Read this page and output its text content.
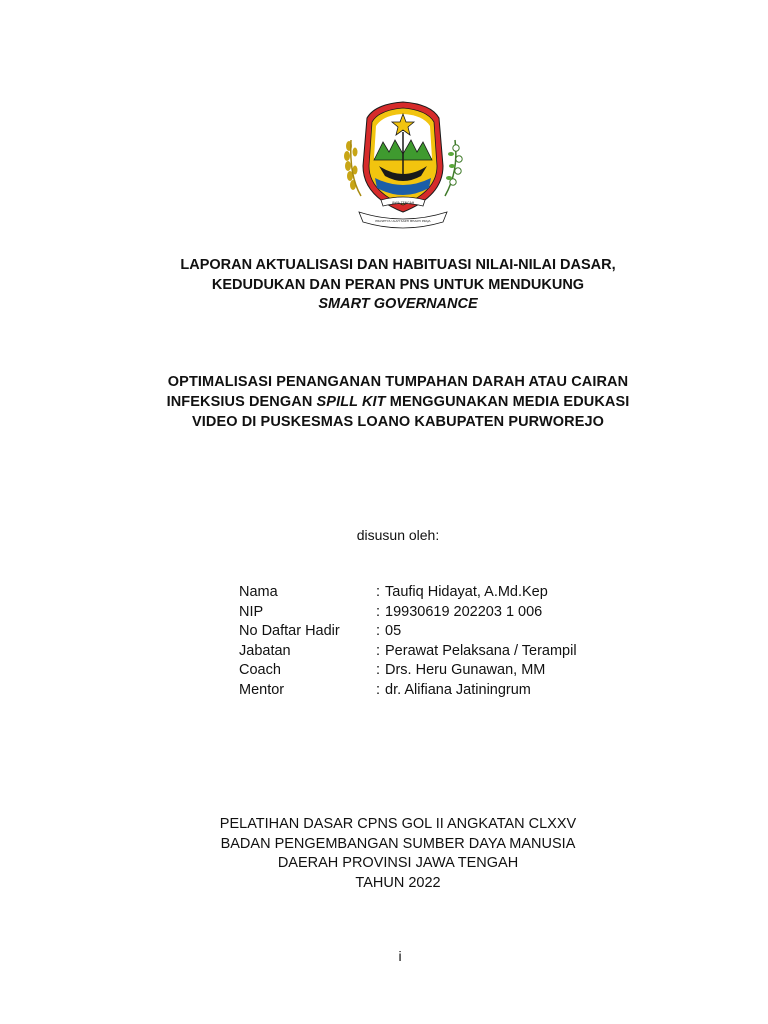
JAWA TENGAH
PRASETYA ULAH SAKTI BHAKTI PRAJA
LAPORAN AKTUALISASI DAN HABITUASI NILAI-NILAI DASAR,
KEDUDUKAN DAN PERAN PNS UNTUK MENDUKUNG
SMART GOVERNANCE
OPTIMALISASI PENANGANAN TUMPAHAN DARAH ATAU CAIRAN
INFEKSIUS DENGAN SPILL KIT MENGGUNAKAN MEDIA EDUKASI
VIDEO DI PUSKESMAS LOANO KABUPATEN PURWOREJO
disusun oleh:
Nama	:	Taufiq Hidayat, A.Md.Kep
NIP	:	19930619 202203 1 006
No Daftar Hadir	:	05
Jabatan	:	Perawat Pelaksana / Terampil
Coach	:	Drs. Heru Gunawan, MM
Mentor	:	dr. Alifiana Jatiningrum
PELATIHAN DASAR CPNS GOL II ANGKATAN CLXXV
BADAN PENGEMBANGAN SUMBER DAYA MANUSIA
DAERAH PROVINSI JAWA TENGAH
TAHUN 2022
i
